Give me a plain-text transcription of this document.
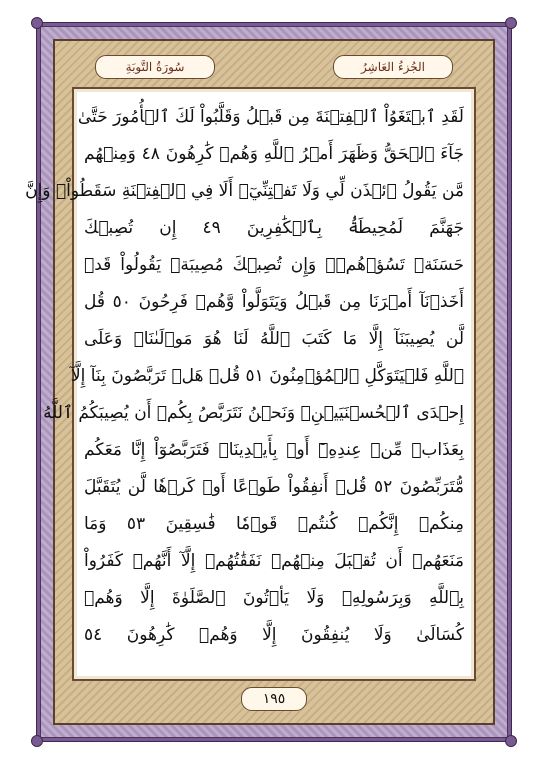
سُورَةُ التَّوبَةِ	الجُزءُ العَاشِرُ
لَقَدِ ٱبۡتَغَوُاْ ٱلۡفِتۡنَةَ مِن قَبۡلُ وَقَلَّبُواْ لَكَ ٱلۡأُمُورَ حَتَّىٰ
جَآءَ ٱلۡحَقُّ وَظَهَرَ أَمۡرُ ٱللَّهِ وَهُمۡ كَٰرِهُونَ ٤٨ وَمِنۡهُم
مَّن يَقُولُ ٱئۡذَن لِّي وَلَا تَفۡتِنِّيٓۚ أَلَا فِي ٱلۡفِتۡنَةِ سَقَطُواْۗ وَإِنَّ
جَهَنَّمَ لَمُحِيطَةُۢ بِٱلۡكَٰفِرِينَ ٤٩ إِن تُصِبۡكَ
حَسَنَةٞ تَسُؤۡهُمۡۖ وَإِن تُصِبۡكَ مُصِيبَةٞ يَقُولُواْ قَدۡ
أَخَذۡنَآ أَمۡرَنَا مِن قَبۡلُ وَيَتَوَلَّواْ وَّهُمۡ فَرِحُونَ ٥٠ قُل
لَّن يُصِيبَنَآ إِلَّا مَا كَتَبَ ٱللَّهُ لَنَا هُوَ مَوۡلَىٰنَاۚ وَعَلَى
ٱللَّهِ فَلۡيَتَوَكَّلِ ٱلۡمُؤۡمِنُونَ ٥١ قُلۡ هَلۡ تَرَبَّصُونَ بِنَآ إِلَّآ
إِحۡدَى ٱلۡحُسۡنَيَيۡنِۖ وَنَحۡنُ نَتَرَبَّصُ بِكُمۡ أَن يُصِيبَكُمُ ٱللَّهُ
بِعَذَابٖ مِّنۡ عِندِهِۦٓ أَوۡ بِأَيۡدِينَاۖ فَتَرَبَّصُوٓاْ إِنَّا مَعَكُم
مُّتَرَبِّصُونَ ٥٢ قُلۡ أَنفِقُواْ طَوۡعًا أَوۡ كَرۡهٗا لَّن يُتَقَبَّلَ
مِنكُمۡ إِنَّكُمۡ كُنتُمۡ قَوۡمٗا فَٰسِقِينَ ٥٣ وَمَا
مَنَعَهُمۡ أَن تُقۡبَلَ مِنۡهُمۡ نَفَقَٰتُهُمۡ إِلَّآ أَنَّهُمۡ كَفَرُواْ
بِٱللَّهِ وَبِرَسُولِهِۦ وَلَا يَأۡتُونَ ٱلصَّلَوٰةَ إِلَّا وَهُمۡ
كُسَالَىٰ وَلَا يُنفِقُونَ إِلَّا وَهُمۡ كَٰرِهُونَ ٥٤
١٩٥
